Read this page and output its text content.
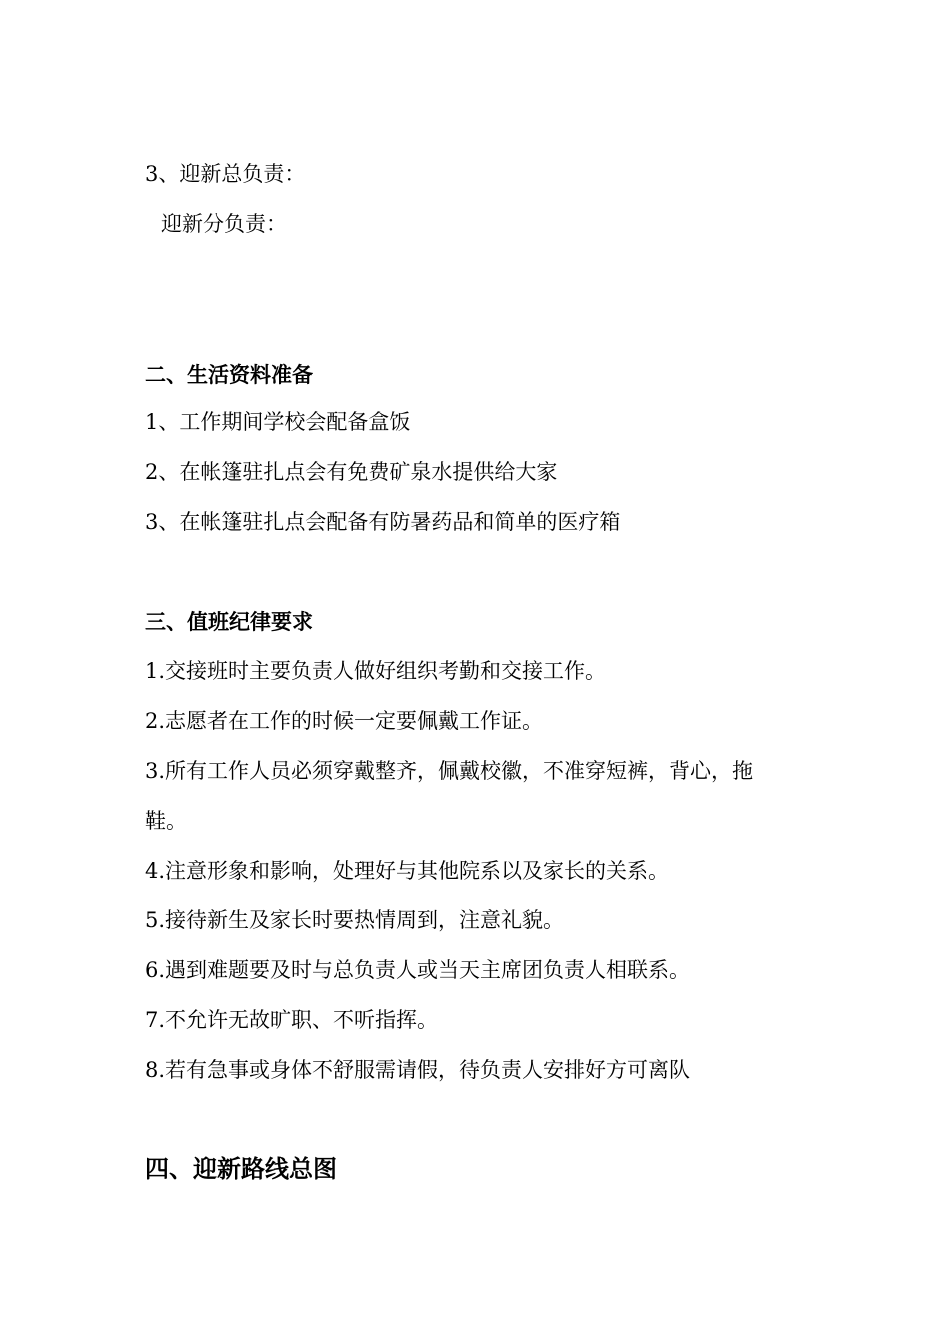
3、迎新总负责：
迎新分负责：
二、生活资料准备
1、工作期间学校会配备盒饭
2、在帐篷驻扎点会有免费矿泉水提供给大家
3、在帐篷驻扎点会配备有防暑药品和简单的医疗箱
三、值班纪律要求
1.交接班时主要负责人做好组织考勤和交接工作。
2.志愿者在工作的时候一定要佩戴工作证。
3.所有工作人员必须穿戴整齐，佩戴校徽，不准穿短裤，背心，拖
鞋。
4.注意形象和影响，处理好与其他院系以及家长的关系。
5.接待新生及家长时要热情周到，注意礼貌。
6.遇到难题要及时与总负责人或当天主席团负责人相联系。
7.不允许无故旷职、不听指挥。
8.若有急事或身体不舒服需请假，待负责人安排好方可离队
四、迎新路线总图
